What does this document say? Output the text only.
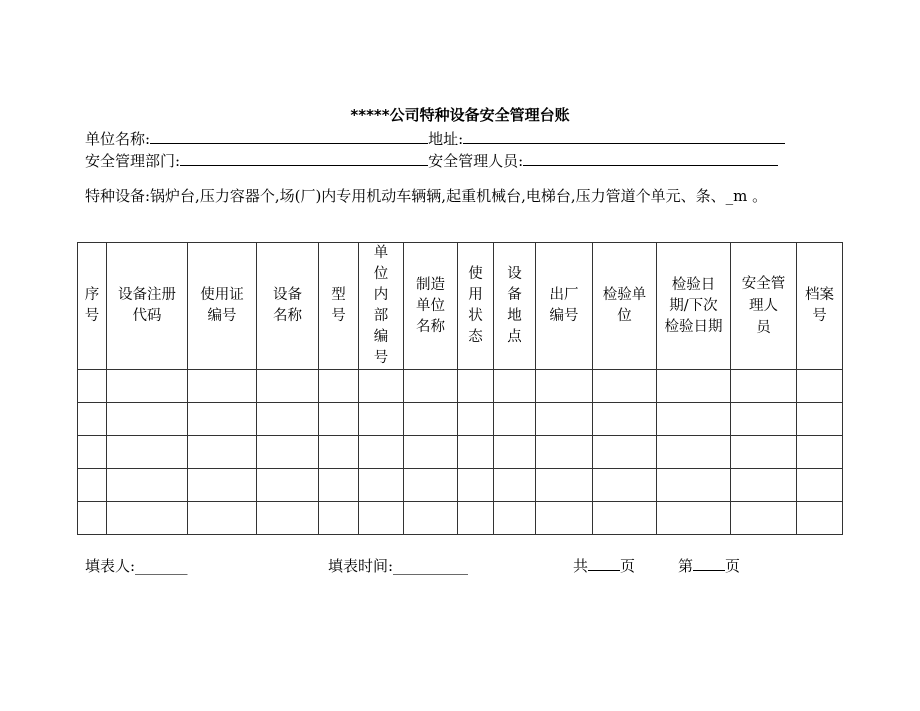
*****公司特种设备安全管理台账
单位名称:	地址:
安全管理部门:	安全管理人员:
特种设备:锅炉台,压力容器个,场(厂)内专用机动车辆辆,起重机械台,电梯台,压力管道个单元、条、_m 。
序号	设备注册代码	使用证编号	设备名称	型号	单位内部编号	制造单位名称	使用状态	设备地点	出厂编号	检验单位	检验日期/下次检验日期	安全管理人 员	档案号

填表人:_______	填表时间:__________	共 页	第 页
